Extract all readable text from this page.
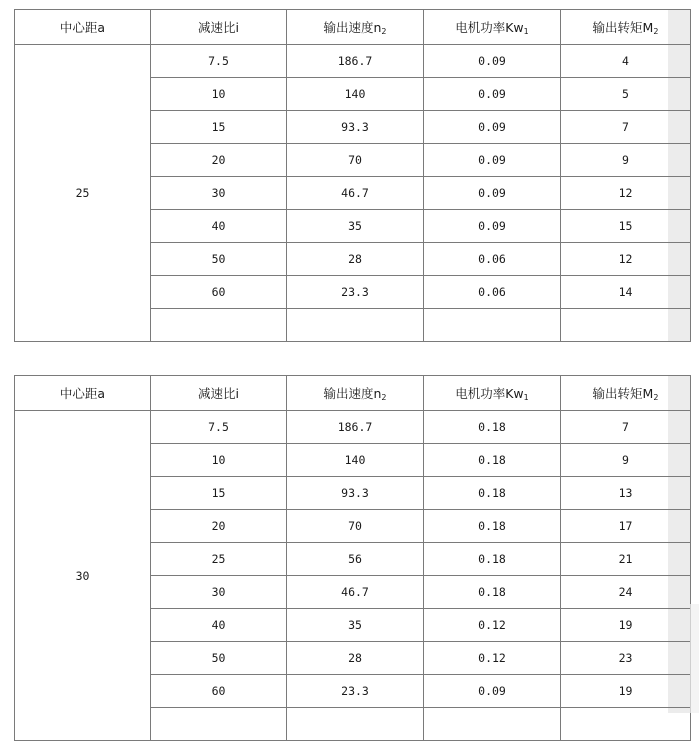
中心距a	减速比i	输出速度$n_2$	电机功率$Kw_1$	输出转矩$M_2$
25	7.5	186.7	0.09	4
	10	140	0.09	5
	15	93.3	0.09	7
	20	70	0.09	9
	30	46.7	0.09	12
	40	35	0.09	15
	50	28	0.06	12
	60	23.3	0.06	14

中心距a	减速比i	输出速度$n_2$	电机功率$Kw_1$	输出转矩$M_2$
30	7.5	186.7	0.18	7
	10	140	0.18	9
	15	93.3	0.18	13
	20	70	0.18	17
	25	56	0.18	21
	30	46.7	0.18	24
	40	35	0.12	19
	50	28	0.12	23
	60	23.3	0.09	19
